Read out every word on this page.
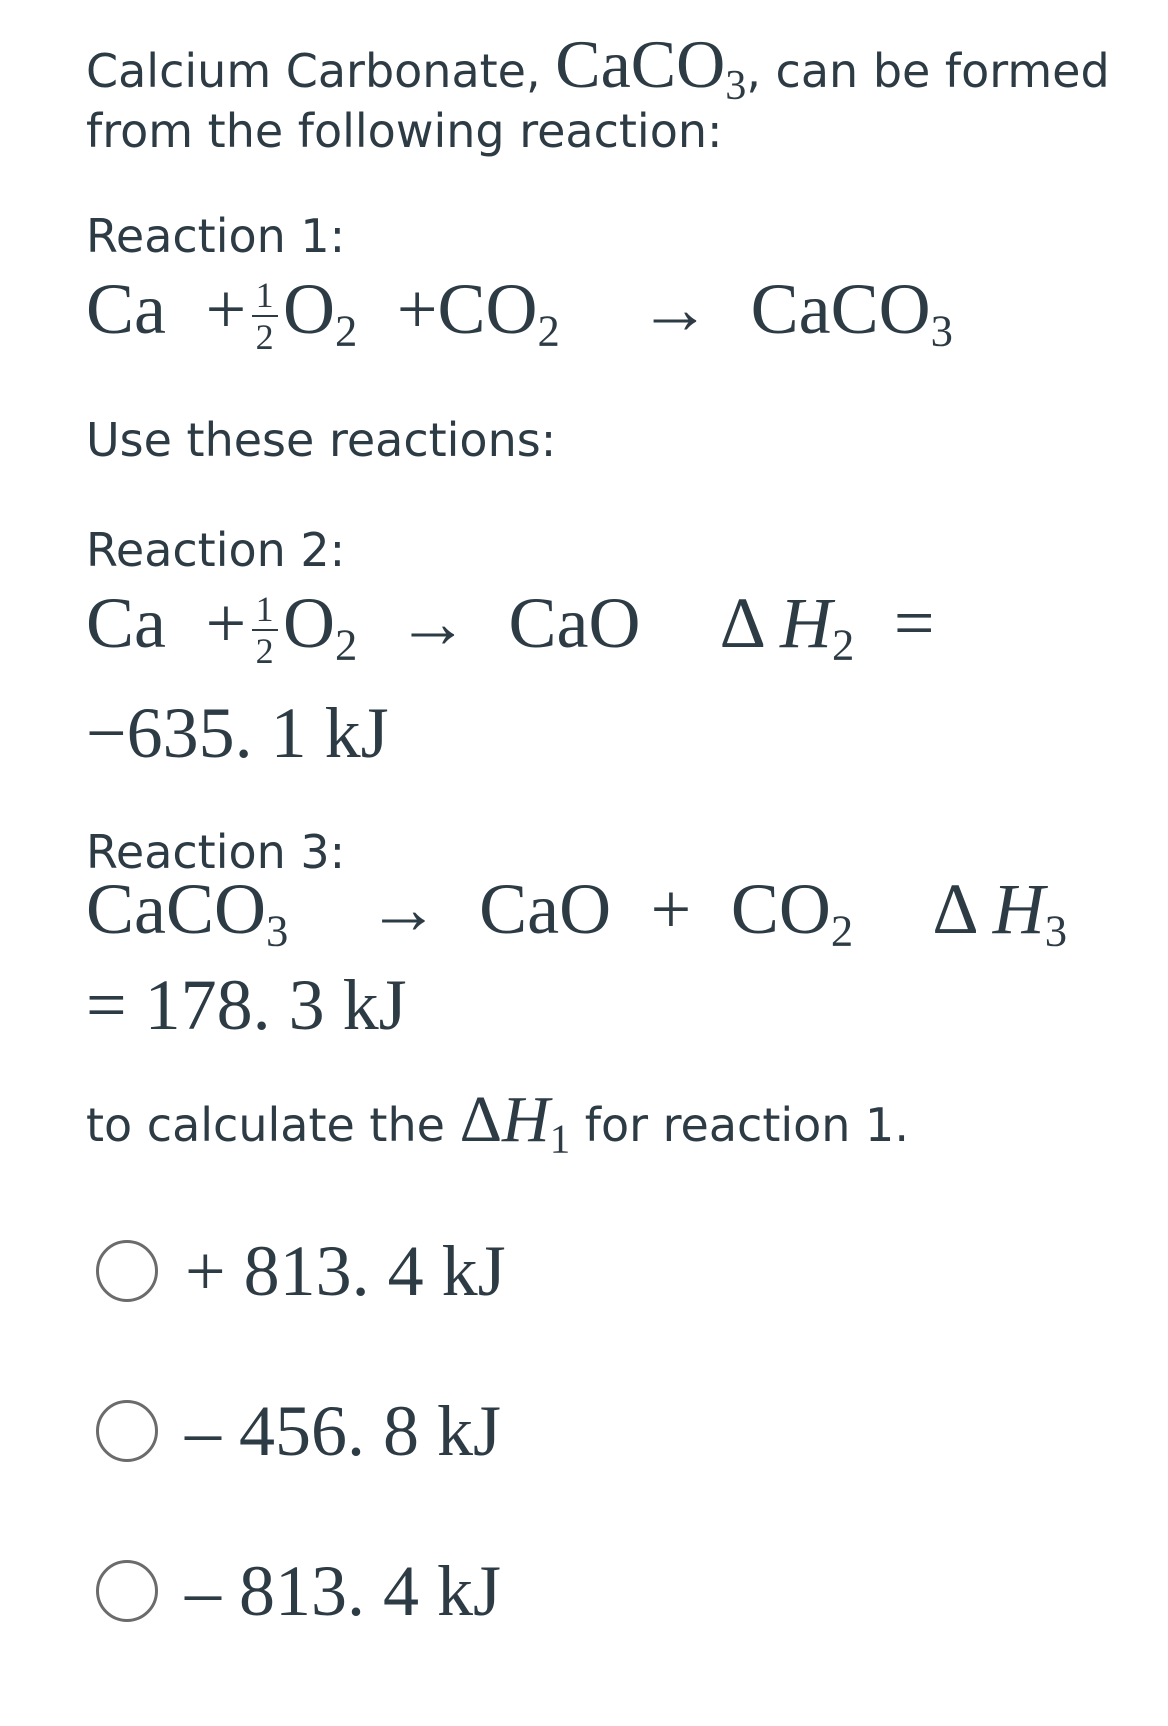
Calcium Carbonate, CaCO$_3$, can be formed
from the following reaction:
Reaction 1:
$Ca + \frac{1}{2} O_2 +CO_2$ → CaCO$_3$
Use these reactions:
Reaction 2:
$Ca + \frac{1}{2} O_2$ → CaO Δ $H_2$ =
−635. 1 kJ
Reaction 3:
CaCO$_3$ → CaO + $CO_2$ Δ $H_3$
= 178. 3 kJ
to calculate the $\Delta H_1$ for reaction 1.
+ 813. 4 kJ
– 456. 8 kJ
– 813. 4 kJ
